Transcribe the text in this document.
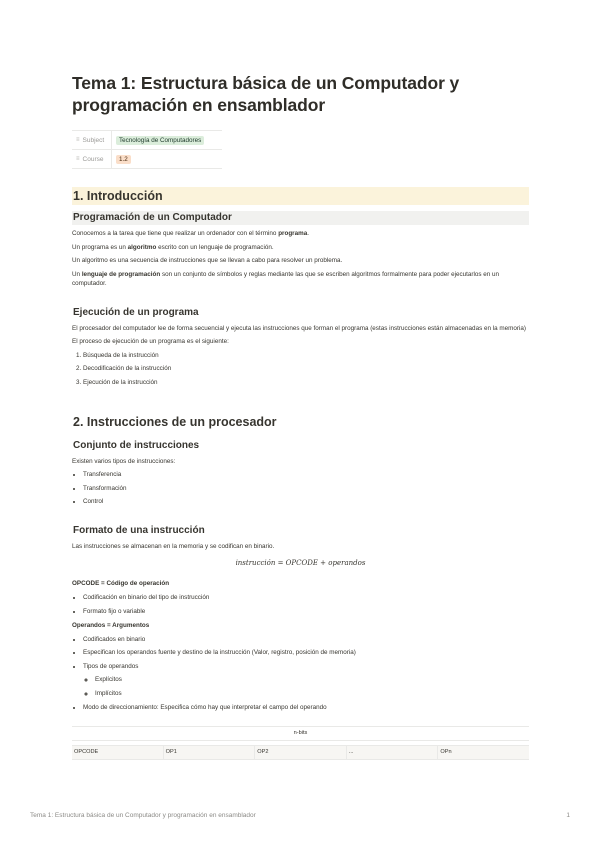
Tema 1: Estructura básica de un Computador y
programación en ensamblador
≡ Subject	Tecnología de Computadores
≡ Course	1.2
1. Introducción
Programación de un Computador

Conocemos a la tarea que tiene que realizar un ordenador con el término programa.

Un programa es un algoritmo escrito con un lenguaje de programación.

Un algoritmo es una secuencia de instrucciones que se llevan a cabo para resolver un problema.

Un lenguaje de programación son un conjunto de símbolos y reglas mediante las que se escriben algoritmos formalmente para poder ejecutarlos en un computador.

Ejecución de un programa

El procesador del computador lee de forma secuencial y ejecuta las instrucciones que forman el programa (estas instrucciones están almacenadas en la memoria)

El proceso de ejecución de un programa es el siguiente:

1. Búsqueda de la instrucción
2. Decodificación de la instrucción
3. Ejecución de la instrucción
2. Instrucciones de un procesador
Conjunto de instrucciones

Existen varios tipos de instrucciones:

• Transferencia
• Transformación
• Control
Formato de una instrucción

Las instrucciones se almacenan en la memoria y se codifican en binario.

instrucción = OPCODE + operandos
OPCODE = Código de operación
• Codificación en binario del tipo de instrucción
• Formato fijo o variable
Operandos = Argumentos
• Codificados en binario
• Especifican los operandos fuente y destino de la instrucción (Valor, registro, posición de memoria)
• Tipos de operandos
◦ Explícitos
◦ Implícitos
• Modo de direccionamiento: Especifica cómo hay que interpretar el campo del operando
n-bits

OPCODE	OP1	OP2	...	OPn
Tema 1: Estructura básica de un Computador y programación en ensamblador	1
